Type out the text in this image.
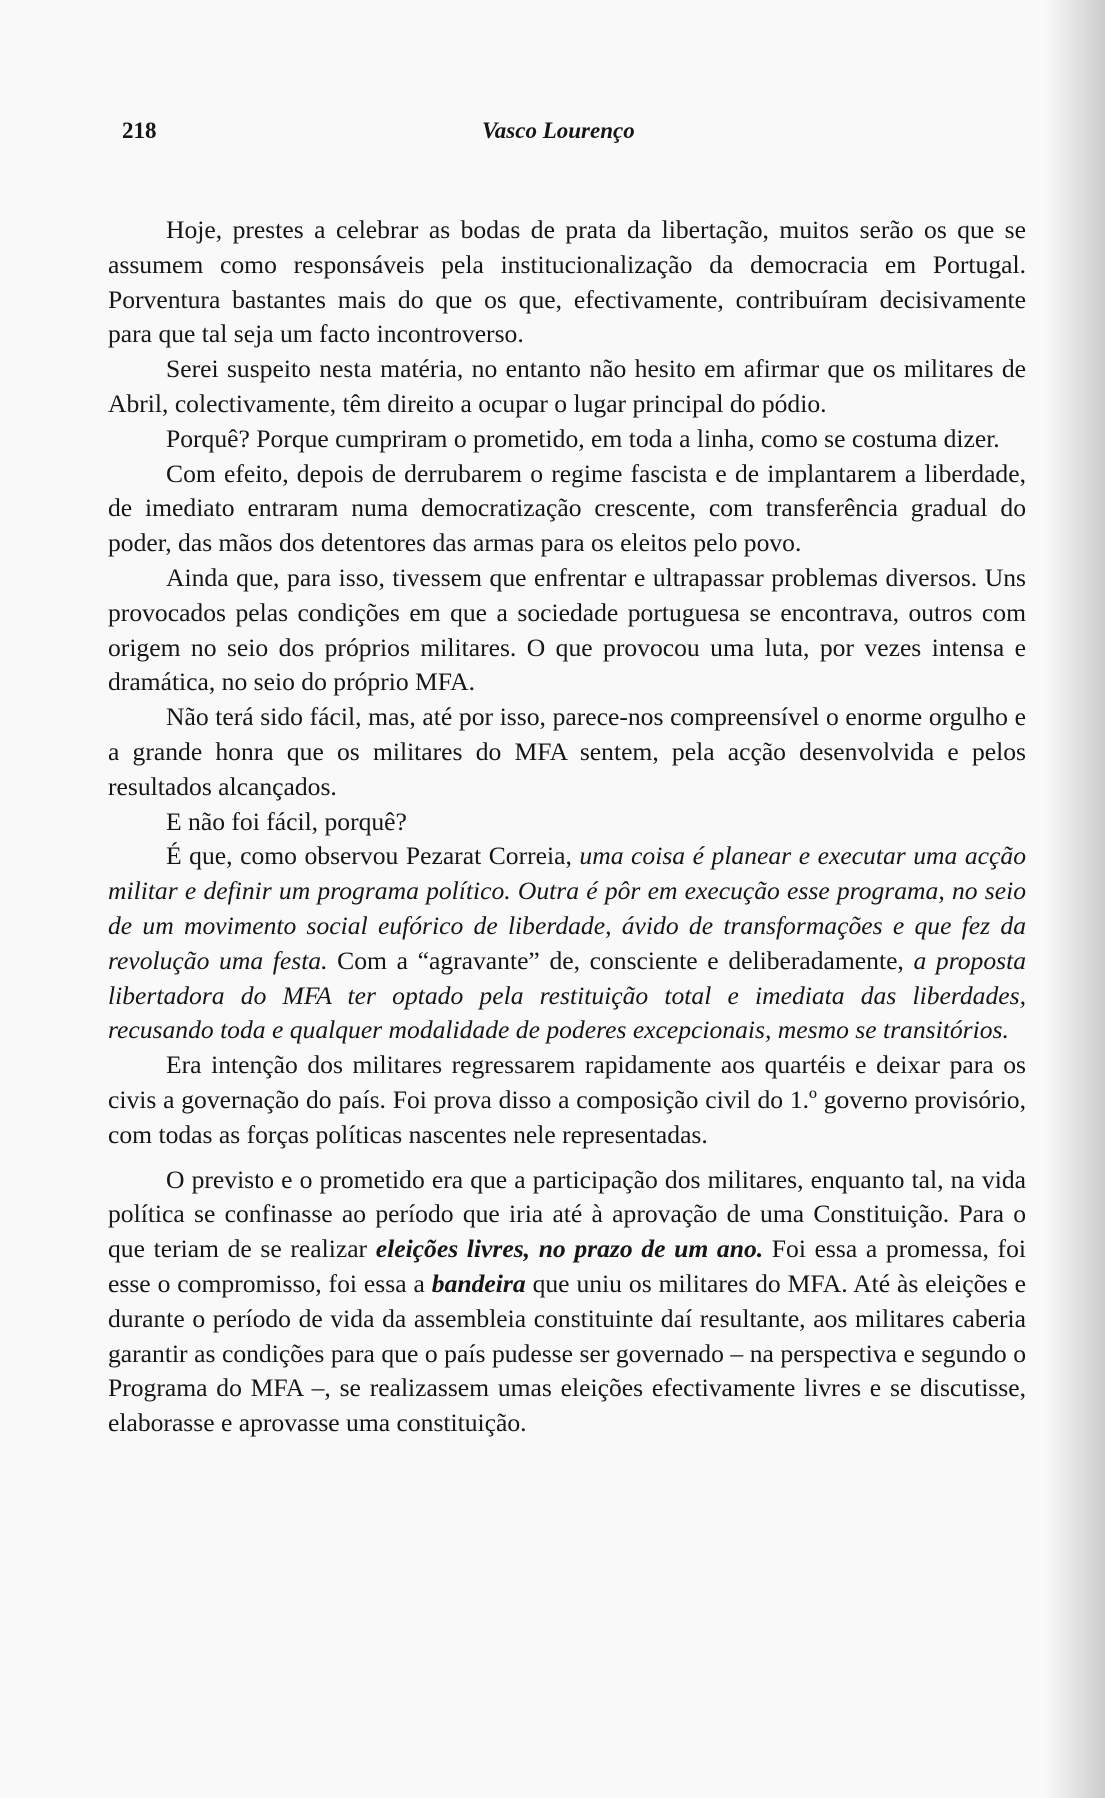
218	Vasco Lourenço

Hoje, prestes a celebrar as bodas de prata da libertação, muitos serão os que se assumem como responsáveis pela institucionalização da democracia em Portugal. Porventura bastantes mais do que os que, efectivamente, contribuíram decisivamente para que tal seja um facto incontroverso.

Serei suspeito nesta matéria, no entanto não hesito em afirmar que os militares de Abril, colectivamente, têm direito a ocupar o lugar principal do pódio.

Porquê? Porque cumpriram o prometido, em toda a linha, como se costuma dizer.

Com efeito, depois de derrubarem o regime fascista e de implantarem a liberdade, de imediato entraram numa democratização crescente, com transferência gradual do poder, das mãos dos detentores das armas para os eleitos pelo povo.

Ainda que, para isso, tivessem que enfrentar e ultrapassar problemas diversos. Uns provocados pelas condições em que a sociedade portuguesa se encontrava, outros com origem no seio dos próprios militares. O que provocou uma luta, por vezes intensa e dramática, no seio do próprio MFA.

Não terá sido fácil, mas, até por isso, parece-nos compreensível o enorme orgulho e a grande honra que os militares do MFA sentem, pela acção desenvolvida e pelos resultados alcançados.

E não foi fácil, porquê?

É que, como observou Pezarat Correia, uma coisa é planear e executar uma acção militar e definir um programa político. Outra é pôr em execução esse programa, no seio de um movimento social eufórico de liberdade, ávido de transformações e que fez da revolução uma festa. Com a “agravante” de, consciente e deliberadamente, a proposta libertadora do MFA ter optado pela restituição total e imediata das liberdades, recusando toda e qualquer modalidade de poderes excepcionais, mesmo se transitórios.

Era intenção dos militares regressarem rapidamente aos quartéis e deixar para os civis a governação do país. Foi prova disso a composição civil do 1.º governo provisório, com todas as forças políticas nascentes nele representadas.

O previsto e o prometido era que a participação dos militares, enquanto tal, na vida política se confinasse ao período que iria até à aprovação de uma Constituição. Para o que teriam de se realizar eleições livres, no prazo de um ano. Foi essa a promessa, foi esse o compromisso, foi essa a bandeira que uniu os militares do MFA. Até às eleições e durante o período de vida da assembleia constituinte daí resultante, aos militares caberia garantir as condições para que o país pudesse ser governado – na perspectiva e segundo o Programa do MFA –, se realizassem umas eleições efectivamente livres e se discutisse, elaborasse e aprovasse uma constituição.
